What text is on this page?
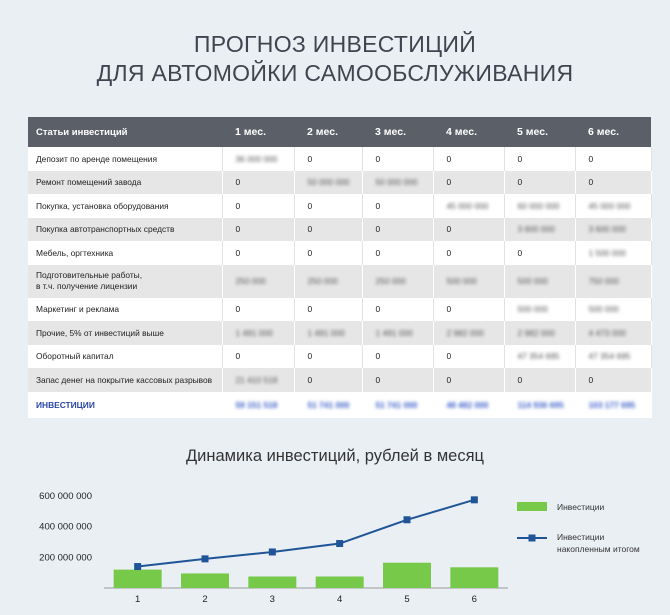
ПРОГНОЗ ИНВЕСТИЦИЙ
ДЛЯ АВТОМОЙКИ САМООБСЛУЖИВАНИЯ
Статьи инвестиций	1 мес.	2 мес.	3 мес.	4 мес.	5 мес.	6 мес.
Депозит по аренде помещения	36 000 000	0	0	0	0	0
Ремонт помещений завода	0	50 000 000	50 000 000	0	0	0
Покупка, установка оборудования	0	0	0	45 000 000	60 000 000	45 000 000
Покупка автотранспортных средств	0	0	0	0	3 600 000	3 600 000
Мебель, оргтехника	0	0	0	0	0	1 500 000
Подготовительные работы,
в т.ч. получение лицензии	250 000	250 000	250 000	500 000	500 000	750 000
Маркетинг и реклама	0	0	0	0	500 000	500 000
Прочие, 5% от инвестиций выше	1 491 000	1 491 000	1 491 000	2 982 000	2 982 000	4 473 000
Оборотный капитал	0	0	0	0	47 354 695	47 354 695
Запас денег на покрытие кассовых разрывов	21 410 518	0	0	0	0	0
ИНВЕСТИЦИИ	59 151 518	51 741 000	51 741 000	48 482 000	114 936 695	103 177 695
Динамика инвестиций, рублей в месяц
200 000 000
400 000 000
600 000 000
1	2	3	4	5	6
Инвестиции
Инвестиции
накопленным итогом
